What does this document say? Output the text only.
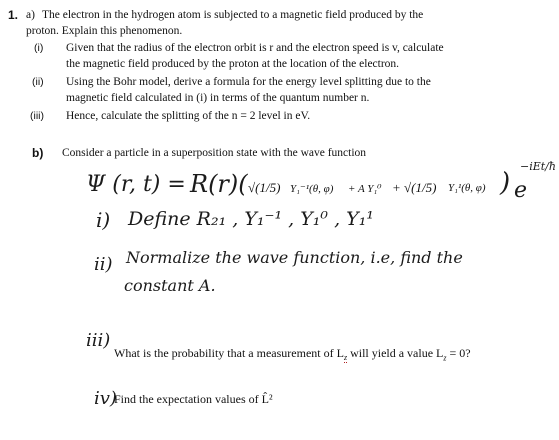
1. a) The electron in the hydrogen atom is subjected to a magnetic field produced by the
proton. Explain this phenomenon.
(i) Given that the radius of the electron orbit is r and the electron speed is v, calculate
the magnetic field produced by the proton at the location of the electron.
(ii) Using the Bohr model, derive a formula for the energy level splitting due to the
magnetic field calculated in (i) in terms of the quantum number n.
(iii) Hence, calculate the splitting of the n = 2 level in eV.
b) Consider a particle in a superposition state with the wave function
Ψ (r, t) = R(r)( √(1/5) Y₁⁻¹(θ, φ) + A Y₁⁰ + √(1/5) Y₁¹(θ, φ) ) e
−iEt/ħ
i) Define R₂₁ , Y₁⁻¹ , Y₁⁰ , Y₁¹
ii) Normalize the wave function, i.e, find the
constant A.
iii)
What is the probability that a measurement of $L_z$ will yield a value $L_z = 0$?
iv)
Find the expectation values of L̂²
